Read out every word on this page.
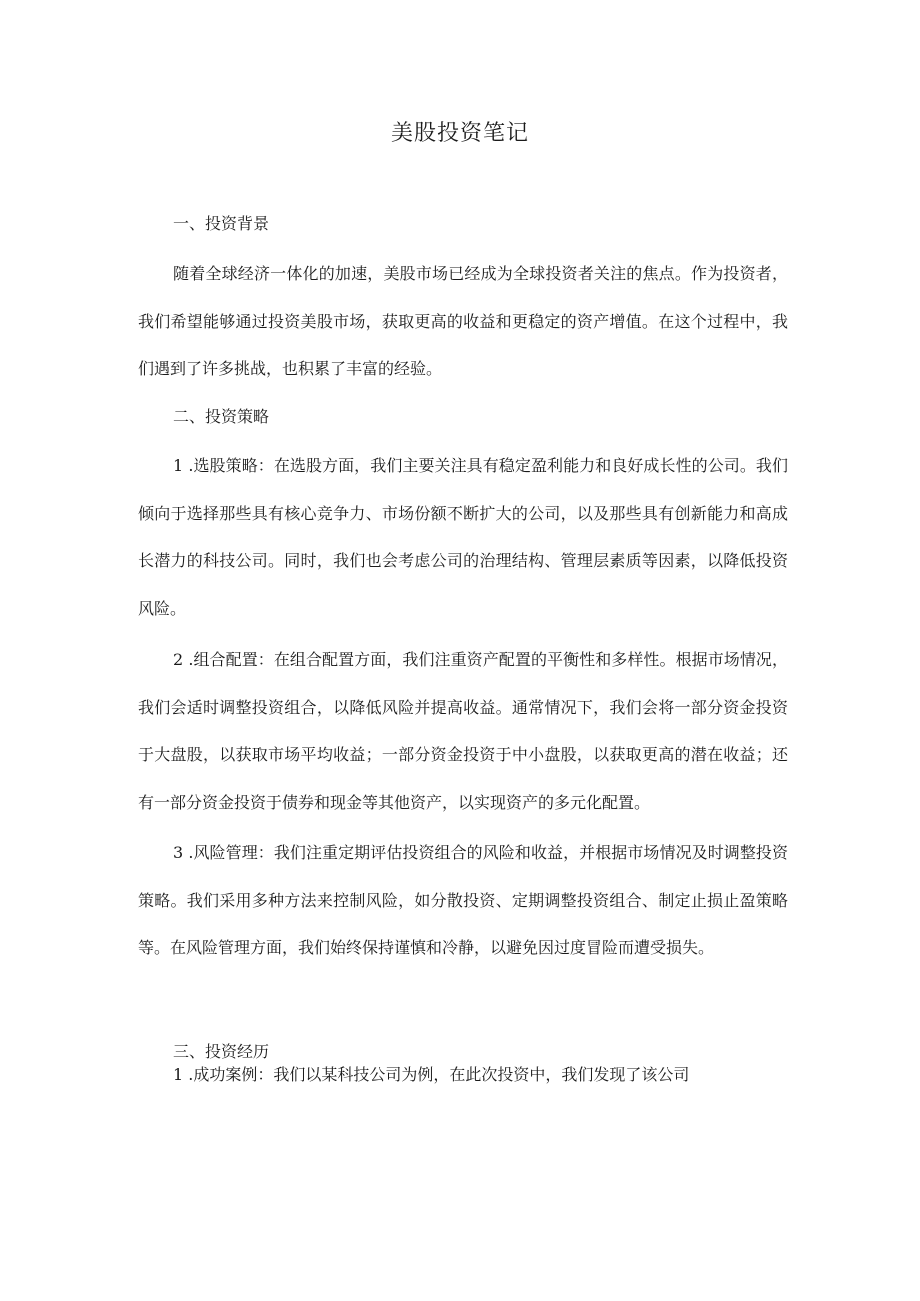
美股投资笔记
一、投资背景

随着全球经济一体化的加速，美股市场已经成为全球投资者关注的焦点。作为投资者，我们希望能够通过投资美股市场，获取更高的收益和更稳定的资产增值。在这个过程中，我们遇到了许多挑战，也积累了丰富的经验。

二、投资策略

1 .选股策略：在选股方面，我们主要关注具有稳定盈利能力和良好成长性的公司。我们倾向于选择那些具有核心竞争力、市场份额不断扩大的公司，以及那些具有创新能力和高成长潜力的科技公司。同时，我们也会考虑公司的治理结构、管理层素质等因素，以降低投资风险。

2 .组合配置：在组合配置方面，我们注重资产配置的平衡性和多样性。根据市场情况，我们会适时调整投资组合，以降低风险并提高收益。通常情况下，我们会将一部分资金投资于大盘股，以获取市场平均收益；一部分资金投资于中小盘股，以获取更高的潜在收益；还有一部分资金投资于债券和现金等其他资产，以实现资产的多元化配置。

3 .风险管理：我们注重定期评估投资组合的风险和收益，并根据市场情况及时调整投资策略。我们采用多种方法来控制风险，如分散投资、定期调整投资组合、制定止损止盈策略等。在风险管理方面，我们始终保持谨慎和冷静，以避免因过度冒险而遭受损失。

三、投资经历
1 .成功案例：我们以某科技公司为例，在此次投资中，我们发现了该公司
